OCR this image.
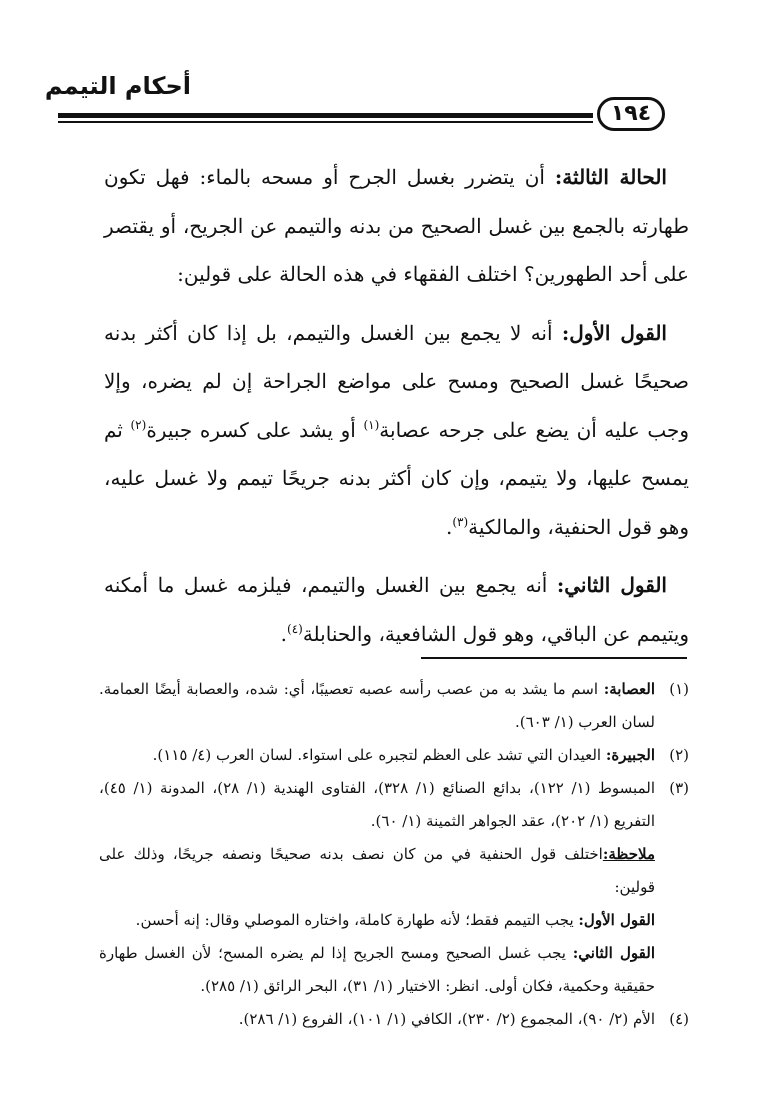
أحكام التيمم
١٩٤

الحالة الثالثة: أن يتضرر بغسل الجرح أو مسحه بالماء: فهل تكون طهارته بالجمع بين غسل الصحيح من بدنه والتيمم عن الجريح، أو يقتصر على أحد الطهورين؟ اختلف الفقهاء في هذه الحالة على قولين:

القول الأول: أنه لا يجمع بين الغسل والتيمم، بل إذا كان أكثر بدنه صحيحًا غسل الصحيح ومسح على مواضع الجراحة إن لم يضره، وإلا وجب عليه أن يضع على جرحه عصابة$^{(١)}$ أو يشد على كسره جبيرة$^{(٢)}$ ثم يمسح عليها، ولا يتيمم، وإن كان أكثر بدنه جريحًا تيمم ولا غسل عليه، وهو قول الحنفية، والمالكية$^{(٣)}$.

القول الثاني: أنه يجمع بين الغسل والتيمم، فيلزمه غسل ما أمكنه ويتيمم عن الباقي، وهو قول الشافعية، والحنابلة$^{(٤)}$.

(١)
العصابة: اسم ما يشد به من عصب رأسه عصبه تعصيبًا، أي: شده، والعصابة أيضًا العمامة. لسان العرب (١/ ٦٠٣).
(٢)
الجبيرة: العيدان التي تشد على العظم لتجبره على استواء. لسان العرب (٤/ ١١٥).
(٣)
المبسوط (١/ ١٢٢)، بدائع الصنائع (١/ ٣٢٨)، الفتاوى الهندية (١/ ٢٨)، المدونة (١/ ٤٥)، التفريع (١/ ٢٠٢)، عقد الجواهر الثمينة (١/ ٦٠).

ملاحظة:اختلف قول الحنفية في من كان نصف بدنه صحيحًا ونصفه جريحًا، وذلك على قولين:

القول الأول: يجب التيمم فقط؛ لأنه طهارة كاملة، واختاره الموصلي وقال: إنه أحسن.

القول الثاني: يجب غسل الصحيح ومسح الجريح إذا لم يضره المسح؛ لأن الغسل طهارة حقيقية وحكمية، فكان أولى. انظر: الاختيار (١/ ٣١)، البحر الرائق (١/ ٢٨٥).

(٤)
الأم (٢/ ٩٠)، المجموع (٢/ ٢٣٠)، الكافي (١/ ١٠١)، الفروع (١/ ٢٨٦).
